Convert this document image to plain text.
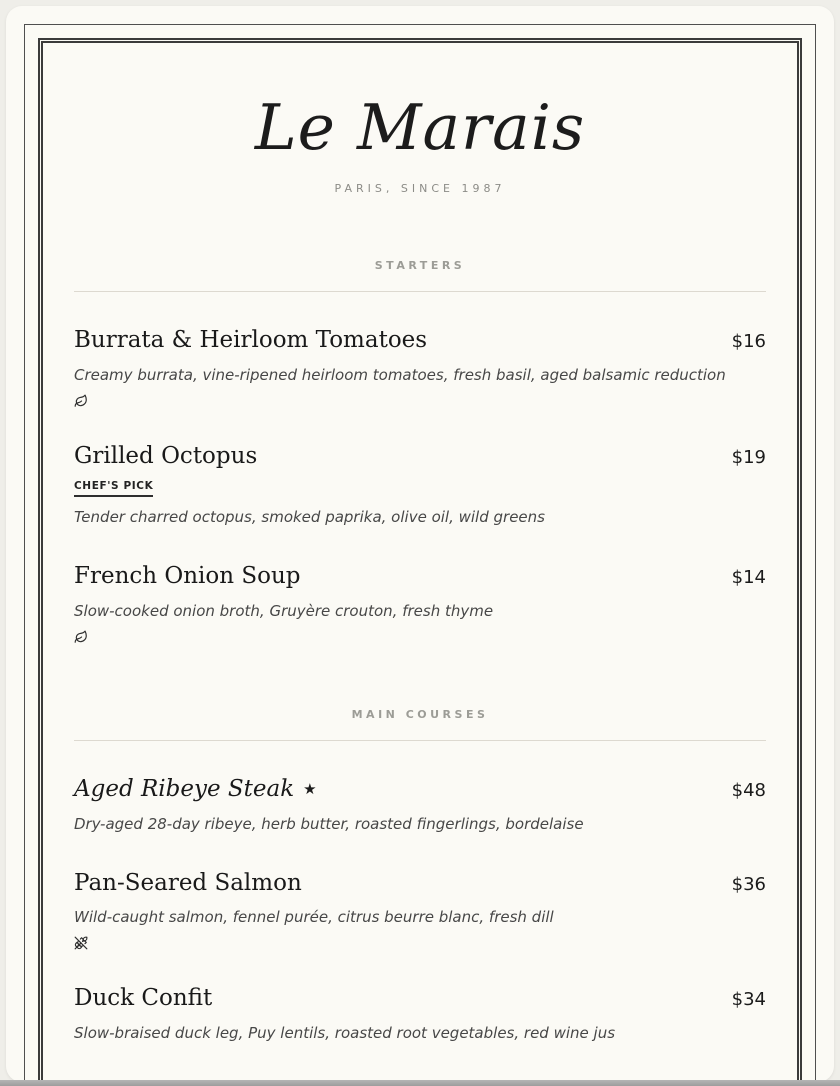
Le Marais
PARIS, SINCE 1987
STARTERS
Burrata & Heirloom Tomatoes	$16

Creamy burrata, vine-ripened heirloom tomatoes, fresh basil, aged balsamic reduction

Grilled Octopus	$19
CHEF'S PICK

Tender charred octopus, smoked paprika, olive oil, wild greens

French Onion Soup	$14

Slow-cooked onion broth, Gruyère crouton, fresh thyme

MAIN COURSES
Aged Ribeye Steak ★	$48

Dry-aged 28-day ribeye, herb butter, roasted fingerlings, bordelaise

Pan-Seared Salmon	$36

Wild-caught salmon, fennel purée, citrus beurre blanc, fresh dill

Duck Confit	$34

Slow-braised duck leg, Puy lentils, roasted root vegetables, red wine jus
